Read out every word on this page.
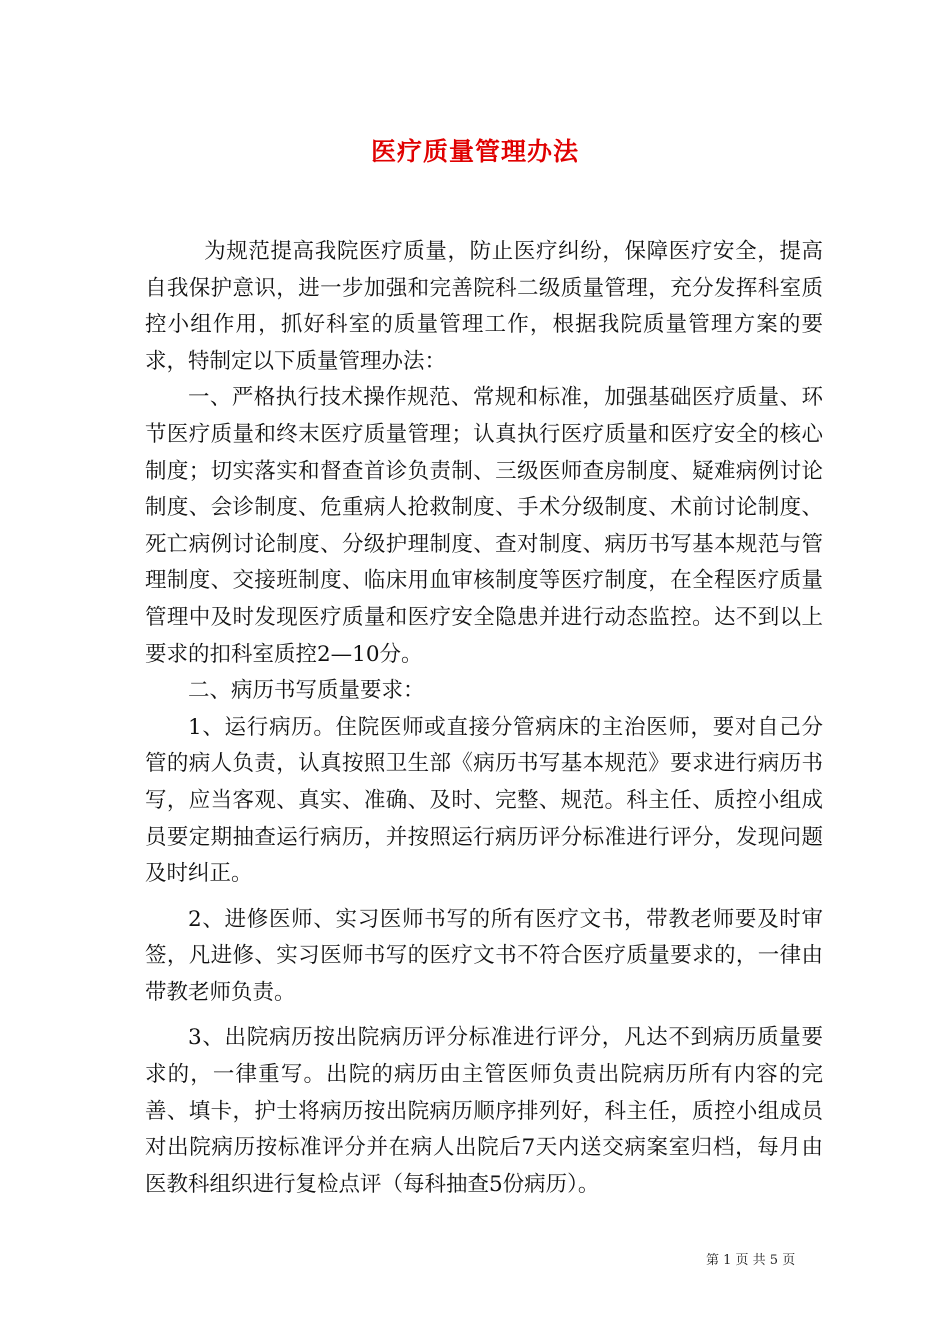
医疗质量管理办法

为规范提高我院医疗质量，防止医疗纠纷，保障医疗安全，提高自我保护意识，进一步加强和完善院科二级质量管理，充分发挥科室质控小组作用，抓好科室的质量管理工作，根据我院质量管理方案的要求，特制定以下质量管理办法：

一、严格执行技术操作规范、常规和标准，加强基础医疗质量、环节医疗质量和终末医疗质量管理；认真执行医疗质量和医疗安全的核心制度；切实落实和督查首诊负责制、三级医师查房制度、疑难病例讨论制度、会诊制度、危重病人抢救制度、手术分级制度、术前讨论制度、死亡病例讨论制度、分级护理制度、查对制度、病历书写基本规范与管理制度、交接班制度、临床用血审核制度等医疗制度，在全程医疗质量管理中及时发现医疗质量和医疗安全隐患并进行动态监控。达不到以上要求的扣科室质控2—10分。

二、病历书写质量要求：

1、运行病历。住院医师或直接分管病床的主治医师，要对自己分管的病人负责，认真按照卫生部《病历书写基本规范》要求进行病历书写，应当客观、真实、准确、及时、完整、规范。科主任、质控小组成员要定期抽查运行病历，并按照运行病历评分标准进行评分，发现问题及时纠正。

2、进修医师、实习医师书写的所有医疗文书，带教老师要及时审签，凡进修、实习医师书写的医疗文书不符合医疗质量要求的，一律由带教老师负责。

3、出院病历按出院病历评分标准进行评分，凡达不到病历质量要求的，一律重写。出院的病历由主管医师负责出院病历所有内容的完善、填卡，护士将病历按出院病历顺序排列好，科主任，质控小组成员对出院病历按标准评分并在病人出院后7天内送交病案室归档，每月由医教科组织进行复检点评（每科抽查5份病历）。

第 1 页 共 5 页
